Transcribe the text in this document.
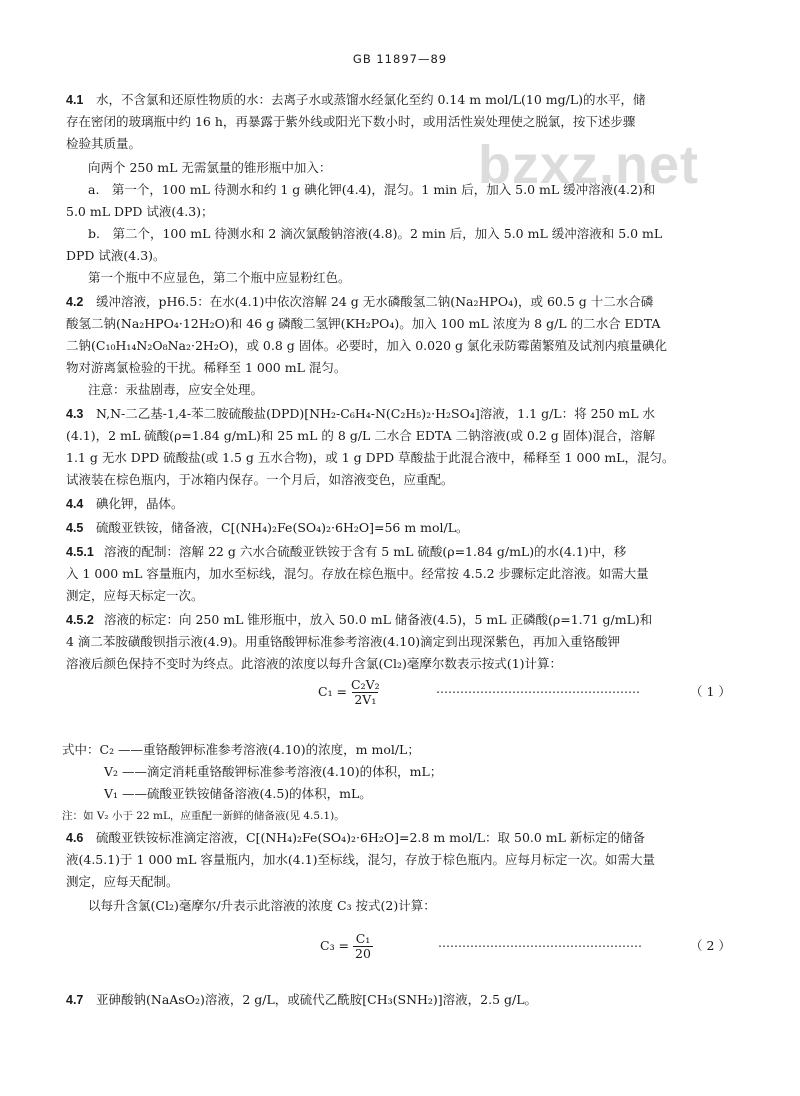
GB 11897—89
bzxz.net
4.1 水，不含氯和还原性物质的水：去离子水或蒸馏水经氯化至约 0.14 m mol/L(10 mg/L)的水平，储
存在密闭的玻璃瓶中约 16 h，再暴露于紫外线或阳光下数小时，或用活性炭处理使之脱氯，按下述步骤
检验其质量。
向两个 250 mL 无需氯量的锥形瓶中加入：
a.　第一个，100 mL 待测水和约 1 g 碘化钾(4.4)，混匀。1 min 后，加入 5.0 mL 缓冲溶液(4.2)和
5.0 mL DPD 试液(4.3)；
b.　第二个，100 mL 待测水和 2 滴次氯酸钠溶液(4.8)。2 min 后，加入 5.0 mL 缓冲溶液和 5.0 mL
DPD 试液(4.3)。
第一个瓶中不应显色，第二个瓶中应显粉红色。
4.2 缓冲溶液，pH6.5：在水(4.1)中依次溶解 24 g 无水磷酸氢二钠(Na₂HPO₄)，或 60.5 g 十二水合磷
酸氢二钠(Na₂HPO₄·12H₂O)和 46 g 磷酸二氢钾(KH₂PO₄)。加入 100 mL 浓度为 8 g/L 的二水合 EDTA
二钠(C₁₀H₁₄N₂O₈Na₂·2H₂O)，或 0.8 g 固体。必要时，加入 0.020 g 氯化汞防霉菌繁殖及试剂内痕量碘化
物对游离氯检验的干扰。稀释至 1 000 mL 混匀。
注意：汞盐剧毒，应安全处理。
4.3 N,N-二乙基-1,4-苯二胺硫酸盐(DPD)[NH₂-C₆H₄-N(C₂H₅)₂·H₂SO₄]溶液，1.1 g/L：将 250 mL 水
(4.1)，2 mL 硫酸(ρ=1.84 g/mL)和 25 mL 的 8 g/L 二水合 EDTA 二钠溶液(或 0.2 g 固体)混合，溶解
1.1 g 无水 DPD 硫酸盐(或 1.5 g 五水合物)，或 1 g DPD 草酸盐于此混合液中，稀释至 1 000 mL，混匀。
试液装在棕色瓶内，于冰箱内保存。一个月后，如溶液变色，应重配。
4.4 碘化钾，晶体。
4.5 硫酸亚铁铵，储备液，C[(NH₄)₂Fe(SO₄)₂·6H₂O]=56 m mol/L。
4.5.1 溶液的配制：溶解 22 g 六水合硫酸亚铁铵于含有 5 mL 硫酸(ρ=1.84 g/mL)的水(4.1)中，移
入 1 000 mL 容量瓶内，加水至标线，混匀。存放在棕色瓶中。经常按 4.5.2 步骤标定此溶液。如需大量
测定，应每天标定一次。
4.5.2 溶液的标定：向 250 mL 锥形瓶中，放入 50.0 mL 储备液(4.5)，5 mL 正磷酸(ρ=1.71 g/mL)和
4 滴二苯胺磺酸钡指示液(4.9)。用重铬酸钾标准参考溶液(4.10)滴定到出现深紫色，再加入重铬酸钾
溶液后颜色保持不变时为终点。此溶液的浓度以每升含氯(Cl₂)毫摩尔数表示按式(1)计算：
$C_1 = \frac{\text{C₂V₂}}{\text{2V₁}}$	……………………………………………	（ 1 ）
式中：C₂ ——重铬酸钾标准参考溶液(4.10)的浓度，m mol/L；
V₂ ——滴定消耗重铬酸钾标准参考溶液(4.10)的体积，mL；
V₁ ——硫酸亚铁铵储备溶液(4.5)的体积，mL。
注：如 V₂ 小于 22 mL，应重配一新鲜的储备液(见 4.5.1)。
4.6 硫酸亚铁铵标准滴定溶液，C[(NH₄)₂Fe(SO₄)₂·6H₂O]=2.8 m mol/L：取 50.0 mL 新标定的储备
液(4.5.1)于 1 000 mL 容量瓶内，加水(4.1)至标线，混匀，存放于棕色瓶内。应每月标定一次。如需大量
测定，应每天配制。
以每升含氯(Cl₂)毫摩尔/升表示此溶液的浓度 C₃ 按式(2)计算：
$C_3 = \frac{\text{C₁}}{20}$	……………………………………………	（ 2 ）
4.7 亚砷酸钠(NaAsO₂)溶液，2 g/L，或硫代乙酰胺[CH₃(SNH₂)]溶液，2.5 g/L。
